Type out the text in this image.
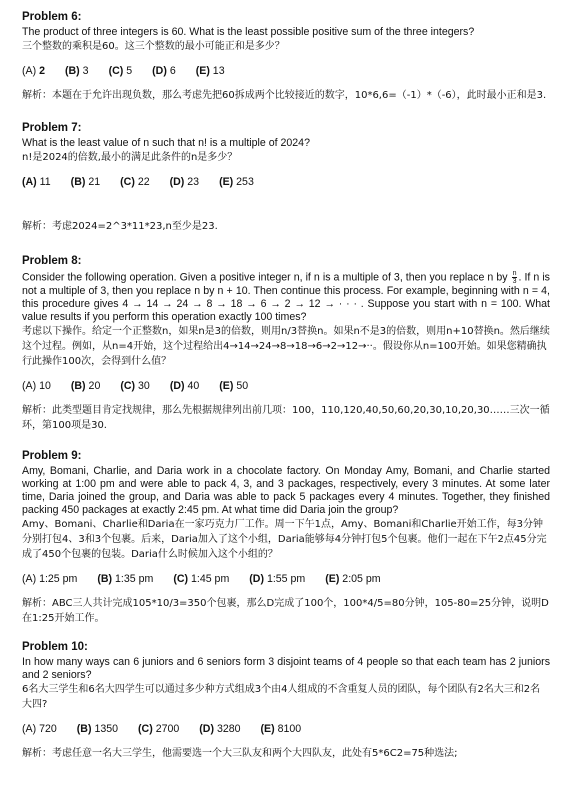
Problem 6:

The product of three integers is 60. What is the least possible positive sum of the three integers?

三个整数的乘积是60。这三个整数的最小可能正和是多少？

(A) 2 (B) 3 (C) 5 (D) 6 (E) 13

解析：本题在于允许出现负数，那么考虑先把60拆成两个比较接近的数字，10*6,6=（-1）*（-6），此时最小正和是3.

Problem 7:

What is the least value of n such that n! is a multiple of 2024?

n!是2024的倍数,最小的满足此条件的n是多少？

(A) 11 (B) 21 (C) 22 (D) 23 (E) 253

解析：考虑2024=2^3*11*23,n至少是23.

Problem 8:

Consider the following operation. Given a positive integer n, if n is a multiple of 3, then you replace n by $\frac{n}{3}$ . If n is not a multiple of 3, then you replace n by n + 10. Then continue this process. For example, beginning with n = 4, this procedure gives 4 → 14 → 24 → 8 → 18 → 6 → 2 → 12 → · · · . Suppose you start with n = 100. What value results if you perform this operation exactly 100 times?

考虑以下操作。给定一个正整数n，如果n是3的倍数，则用n/3替换n。如果n不是3的倍数，则用n+10替换n。然后继续这个过程。例如，从n=4开始，这个过程给出4→14→24→8→18→6→2→12→··。假设你从n=100开始。如果您精确执行此操作100次，会得到什么值？

(A) 10 (B) 20 (C) 30 (D) 40 (E) 50

解析：此类型题目肯定找规律，那么先根据规律列出前几项：100，110,120,40,50,60,20,30,10,20,30……三次一循环，第100项是30.

Problem 9:

Amy, Bomani, Charlie, and Daria work in a chocolate factory. On Monday Amy, Bomani, and Charlie started working at 1:00 pm and were able to pack 4, 3, and 3 packages, respectively, every 3 minutes. At some later time, Daria joined the group, and Daria was able to pack 5 packages every 4 minutes. Together, they finished packing 450 packages at exactly 2:45 pm. At what time did Daria join the group?

Amy、Bomani、Charlie和Daria在一家巧克力厂工作。周一下午1点，Amy、Bomani和Charlie开始工作，每3分钟分别打包4、3和3个包裹。后来，Daria加入了这个小组，Daria能够每4分钟打包5个包裹。他们一起在下午2点45分完成了450个包裹的包装。Daria什么时候加入这个小组的？

(A) 1:25 pm (B) 1:35 pm (C) 1:45 pm (D) 1:55 pm (E) 2:05 pm

解析：ABC三人共计完成105*10/3=350个包裹，那么D完成了100个，100*4/5=80分钟，105-80=25分钟，说明D在1:25开始工作。

Problem 10:

In how many ways can 6 juniors and 6 seniors form 3 disjoint teams of 4 people so that each team has 2 juniors and 2 seniors?

6名大三学生和6名大四学生可以通过多少种方式组成3个由4人组成的不含重复人员的团队，每个团队有2名大三和2名大四?

(A) 720 (B) 1350 (C) 2700 (D) 3280 (E) 8100

解析：考虑任意一名大三学生，他需要选一个大三队友和两个大四队友，此处有5*6C2=75种选法;
